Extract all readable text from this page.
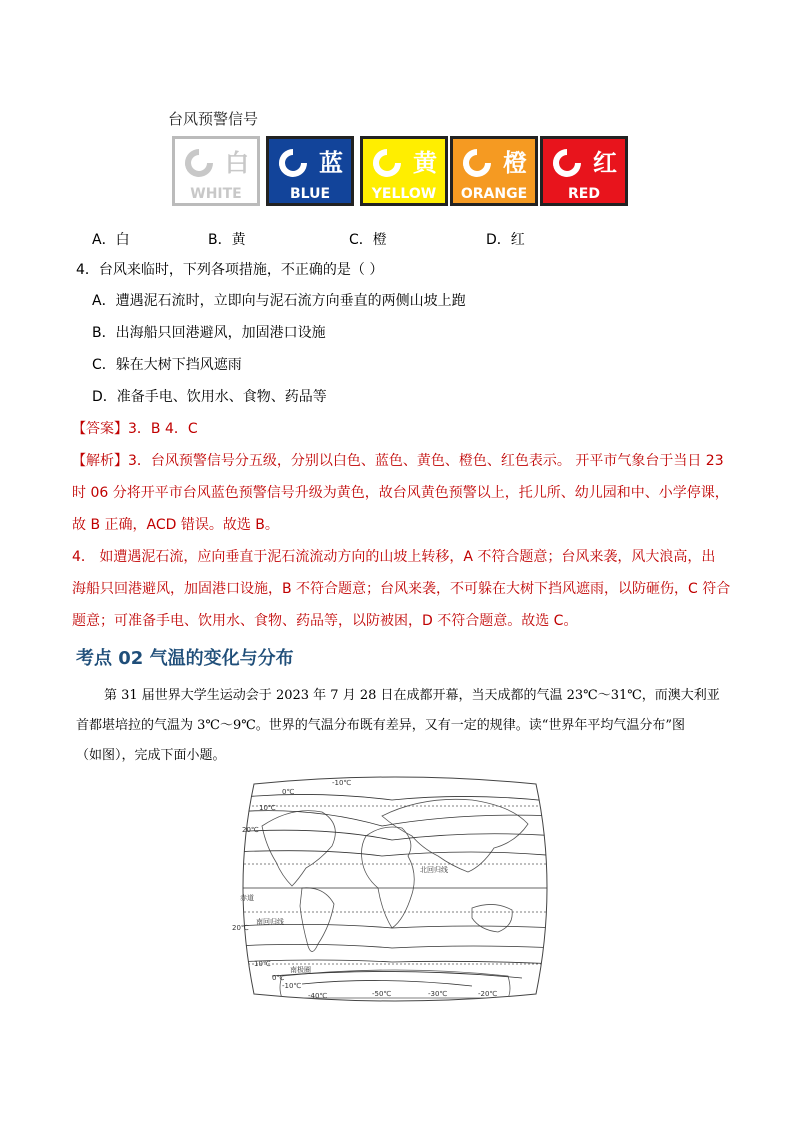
台风预警信号
白
WHITE
蓝
BLUE
黄
YELLOW
橙
ORANGE
红
RED
A．白	B．黄	C．橙	D．红
4．台风来临时，下列各项措施，不正确的是（ ）
A．遭遇泥石流时，立即向与泥石流方向垂直的两侧山坡上跑
B．出海船只回港避风，加固港口设施
C．躲在大树下挡风遮雨
D．准备手电、饮用水、食物、药品等
【答案】3．B 4．C
【解析】3．台风预警信号分五级，分别以白色、蓝色、黄色、橙色、红色表示。 开平市气象台于当日 23
时 06 分将开平市台风蓝色预警信号升级为黄色，故台风黄色预警以上，托儿所、幼儿园和中、小学停课，
故 B 正确，ACD 错误。故选 B。
4． 如遭遇泥石流，应向垂直于泥石流流动方向的山坡上转移，A 不符合题意；台风来袭，风大浪高，出
海船只回港避风，加固港口设施，B 不符合题意；台风来袭，不可躲在大树下挡风遮雨，以防砸伤，C 符合
题意；可准备手电、饮用水、食物、药品等，以防被困，D 不符合题意。故选 C。
考点 02 气温的变化与分布
第 31 届世界大学生运动会于 2023 年 7 月 28 日在成都开幕，当天成都的气温 23℃～31℃，而澳大利亚
首都堪培拉的气温为 3℃～9℃。世界的气温分布既有差异，又有一定的规律。读“世界年平均气温分布”图
（如图），完成下面小题。
-10℃
0℃
10℃
20℃
北回归线
赤道
南回归线
20℃
10℃
0℃
-10℃
-40℃	-50℃	-30℃	-20℃
南极圈
